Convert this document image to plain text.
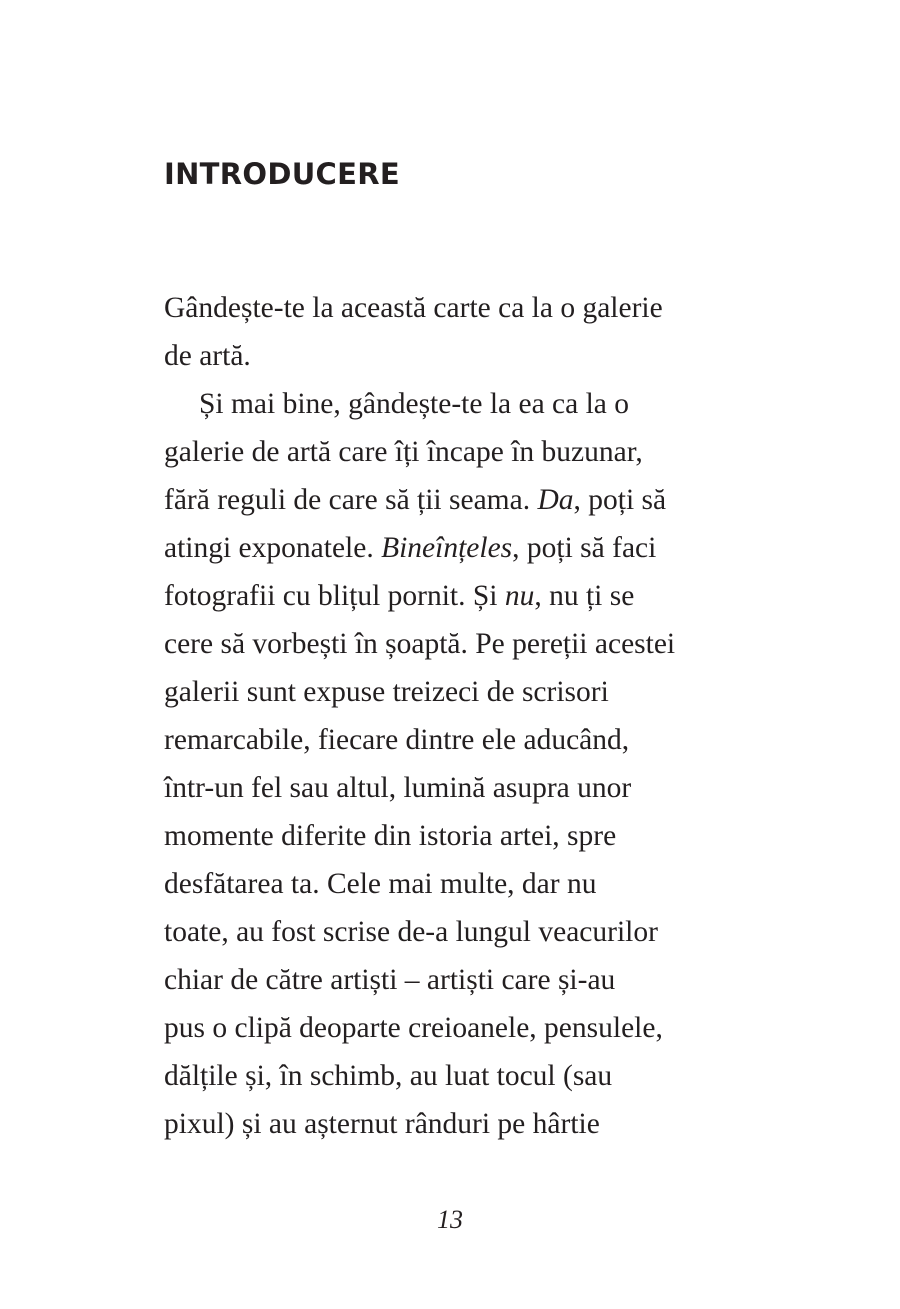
INTRODUCERE
Gândește-te la această carte ca la o galerie
de artă.
Și mai bine, gândește-te la ea ca la o
galerie de artă care îți încape în buzunar,
fără reguli de care să ții seama. Da, poți să
atingi exponatele. Bineînțeles, poți să faci
fotografii cu blițul pornit. Și nu, nu ți se
cere să vorbești în șoaptă. Pe pereții acestei
galerii sunt expuse treizeci de scrisori
remarcabile, fiecare dintre ele aducând,
într-un fel sau altul, lumină asupra unor
momente diferite din istoria artei, spre
desfătarea ta. Cele mai multe, dar nu
toate, au fost scrise de-a lungul veacurilor
chiar de către artiști – artiști care și-au
pus o clipă deoparte creioanele, pensulele,
dălțile și, în schimb, au luat tocul (sau
pixul) și au așternut rânduri pe hârtie
13
